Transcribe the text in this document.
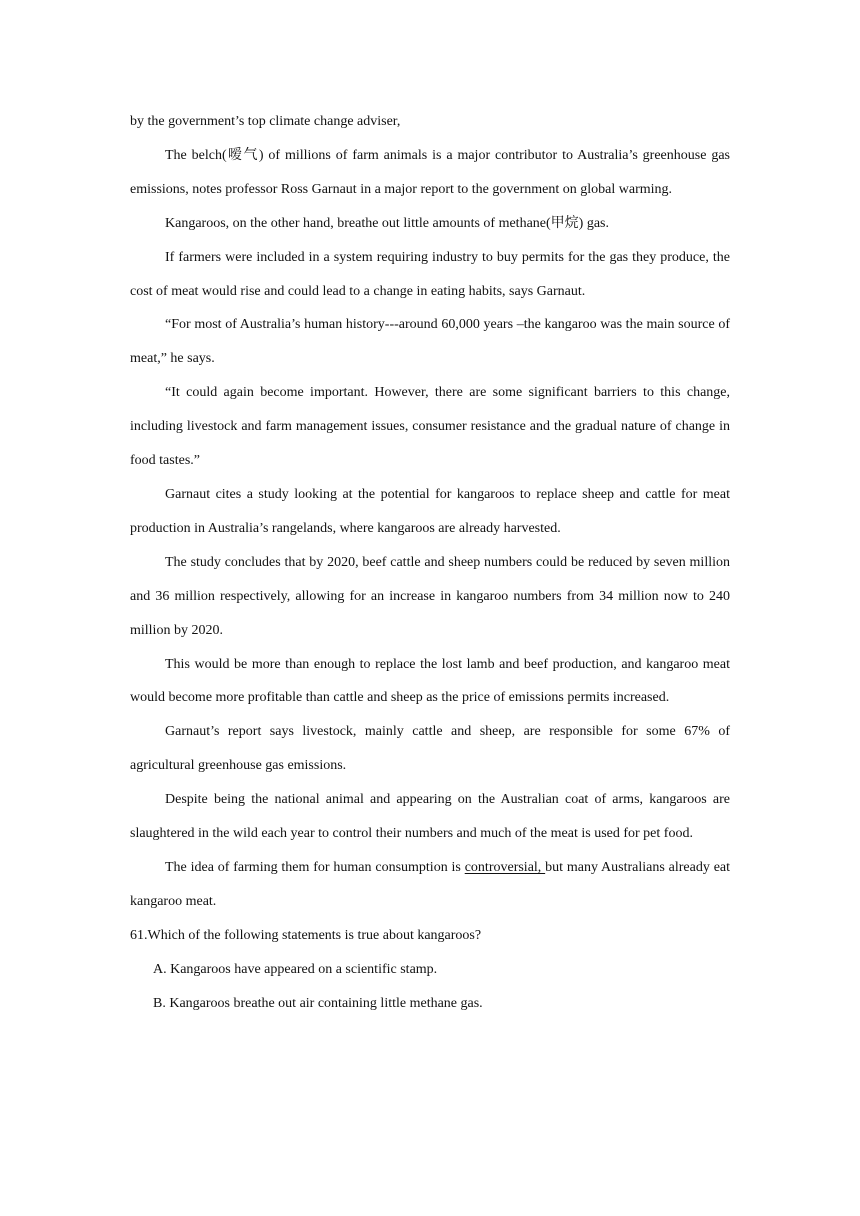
by the government’s top climate change adviser,

The belch(嗳气) of millions of farm animals is a major contributor to Australia’s greenhouse gas emissions, notes professor Ross Garnaut in a major report to the government on global warming.

Kangaroos, on the other hand, breathe out little amounts of methane(甲烷) gas.

If farmers were included in a system requiring industry to buy permits for the gas they produce, the cost of meat would rise and could lead to a change in eating habits, says Garnaut.

“For most of Australia’s human history---around 60,000 years –the kangaroo was the main source of meat,” he says.

“It could again become important. However, there are some significant barriers to this change, including livestock and farm management issues, consumer resistance and the gradual nature of change in food tastes.”

Garnaut cites a study looking at the potential for kangaroos to replace sheep and cattle for meat production in Australia’s rangelands, where kangaroos are already harvested.

The study concludes that by 2020, beef cattle and sheep numbers could be reduced by seven million and 36 million respectively, allowing for an increase in kangaroo numbers from 34 million now to 240 million by 2020.

This would be more than enough to replace the lost lamb and beef production, and kangaroo meat would become more profitable than cattle and sheep as the price of emissions permits increased.

Garnaut’s report says livestock, mainly cattle and sheep, are responsible for some 67% of agricultural greenhouse gas emissions.

Despite being the national animal and appearing on the Australian coat of arms, kangaroos are slaughtered in the wild each year to control their numbers and much of the meat is used for pet food.

The idea of farming them for human consumption is controversial, but many Australians already eat kangaroo meat.

61.Which of the following statements is true about kangaroos?

A. Kangaroos have appeared on a scientific stamp.

B. Kangaroos breathe out air containing little methane gas.
